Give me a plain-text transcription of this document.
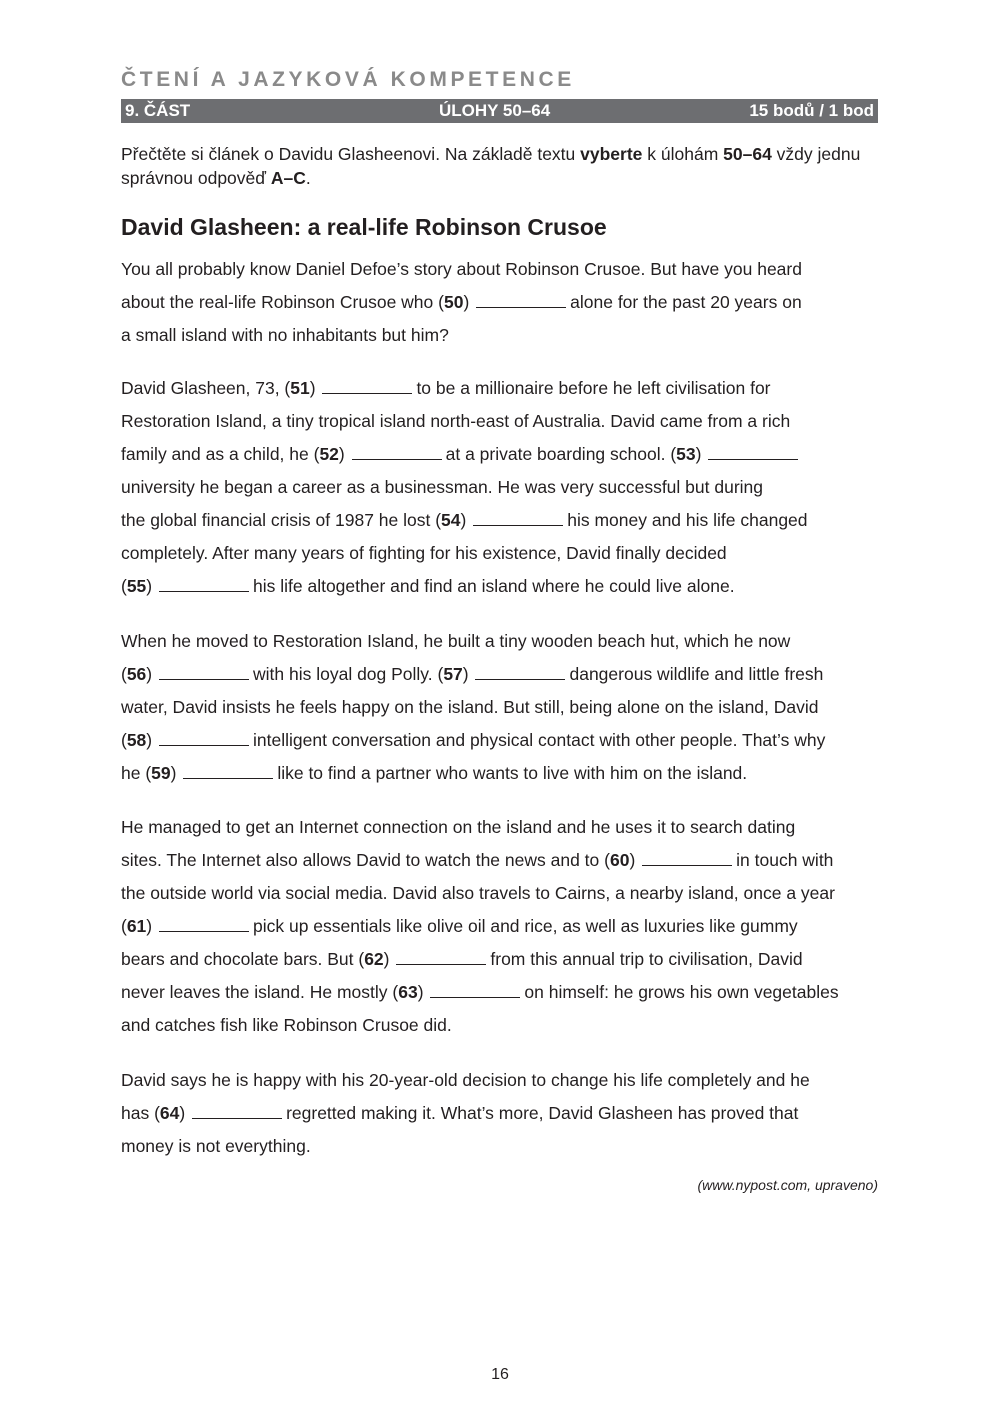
ČTENÍ A JAZYKOVÁ KOMPETENCE
9. ČÁST	ÚLOHY 50–64	15 bodů / 1 bod
Přečtěte si článek o Davidu Glasheenovi. Na základě textu vyberte k úlohám 50–64 vždy jednu správnou odpověď A–C.
David Glasheen: a real-life Robinson Crusoe
You all probably know Daniel Defoe’s story about Robinson Crusoe. But have you heard
about the real-life Robinson Crusoe who (50)	alone for the past 20 years on
a small island with no inhabitants but him?
David Glasheen, 73, (51)	to be a millionaire before he left civilisation for
Restoration Island, a tiny tropical island north-east of Australia. David came from a rich
family and as a child, he (52)	at a private boarding school. (53)
university he began a career as a businessman. He was very successful but during
the global financial crisis of 1987 he lost (54)	his money and his life changed
completely. After many years of fighting for his existence, David finally decided
(55)	his life altogether and find an island where he could live alone.
When he moved to Restoration Island, he built a tiny wooden beach hut, which he now
(56)	with his loyal dog Polly. (57)	dangerous wildlife and little fresh
water, David insists he feels happy on the island. But still, being alone on the island, David
(58)	intelligent conversation and physical contact with other people. That’s why
he (59)	like to find a partner who wants to live with him on the island.
He managed to get an Internet connection on the island and he uses it to search dating
sites. The Internet also allows David to watch the news and to (60)	in touch with
the outside world via social media. David also travels to Cairns, a nearby island, once a year
(61)	pick up essentials like olive oil and rice, as well as luxuries like gummy
bears and chocolate bars. But (62)	from this annual trip to civilisation, David
never leaves the island. He mostly (63)	on himself: he grows his own vegetables
and catches fish like Robinson Crusoe did.
David says he is happy with his 20-year-old decision to change his life completely and he
has (64)	regretted making it. What’s more, David Glasheen has proved that
money is not everything.
(www.nypost.com, upraveno)
16
